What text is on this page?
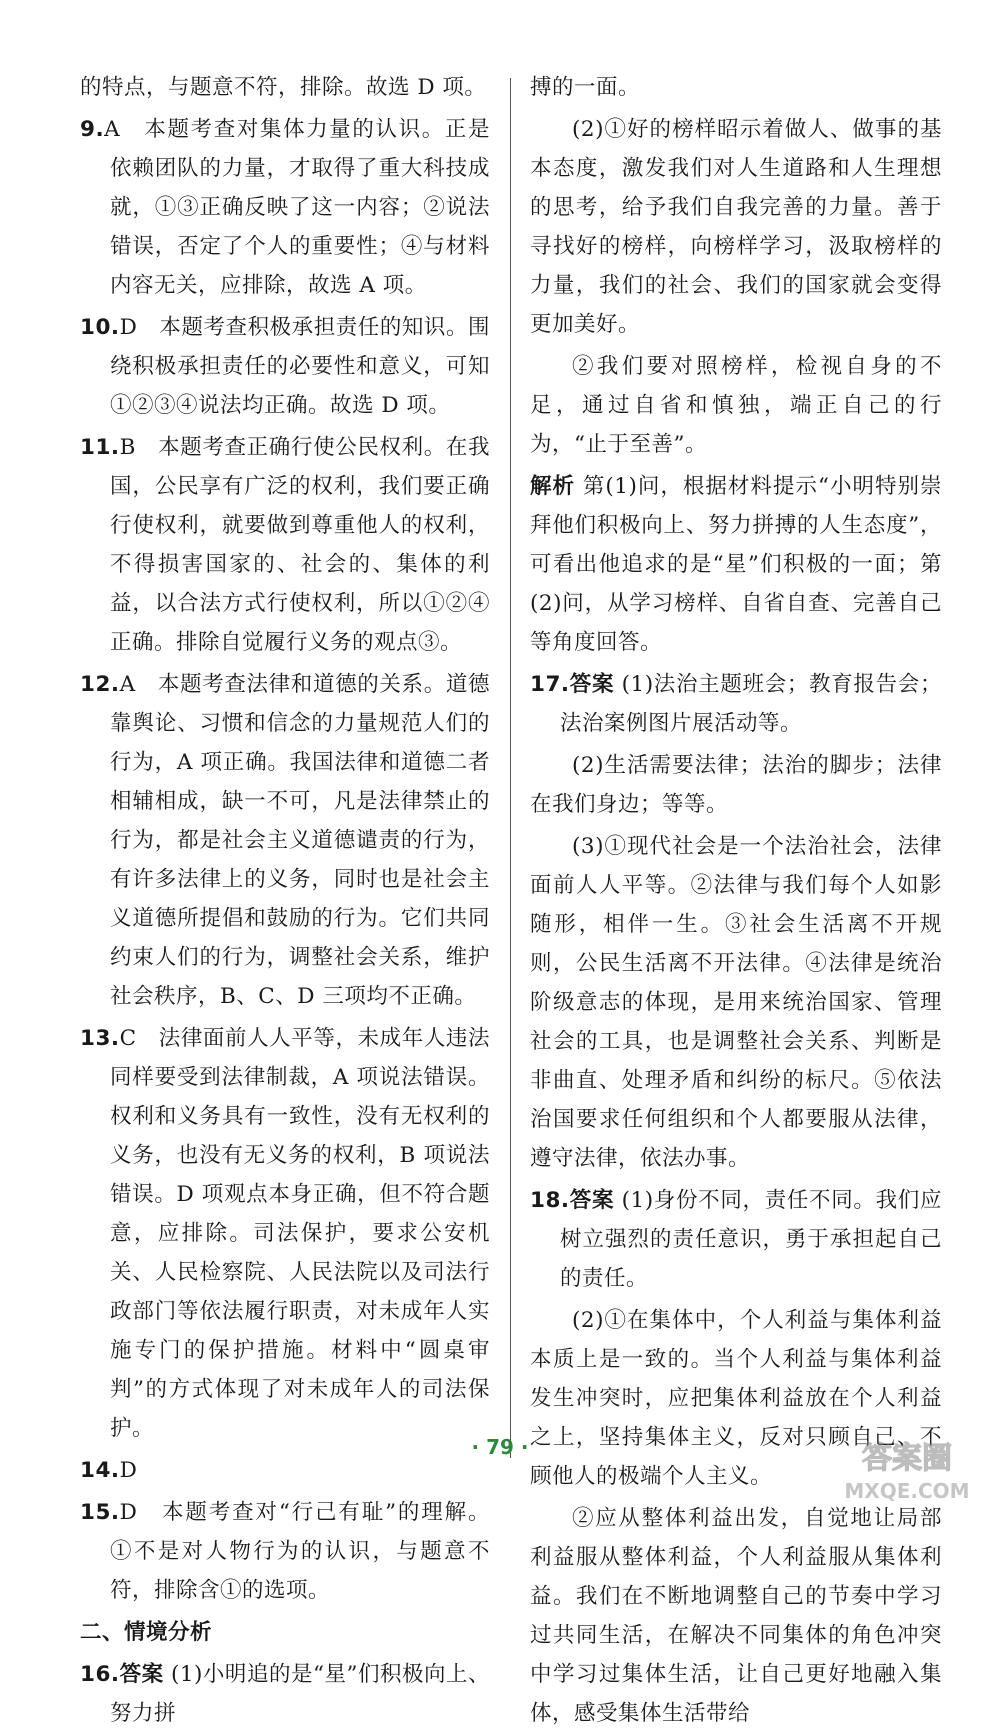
的特点，与题意不符，排除。故选 D 项。

9.A　本题考查对集体力量的认识。正是依赖团队的力量，才取得了重大科技成就，①③正确反映了这一内容；②说法错误，否定了个人的重要性；④与材料内容无关，应排除，故选 A 项。

10.D　本题考查积极承担责任的知识。围绕积极承担责任的必要性和意义，可知①②③④说法均正确。故选 D 项。

11.B　本题考查正确行使公民权利。在我国，公民享有广泛的权利，我们要正确行使权利，就要做到尊重他人的权利，不得损害国家的、社会的、集体的利益，以合法方式行使权利，所以①②④正确。排除自觉履行义务的观点③。

12.A　本题考查法律和道德的关系。道德靠舆论、习惯和信念的力量规范人们的行为，A 项正确。我国法律和道德二者相辅相成，缺一不可，凡是法律禁止的行为，都是社会主义道德谴责的行为，有许多法律上的义务，同时也是社会主义道德所提倡和鼓励的行为。它们共同约束人们的行为，调整社会关系，维护社会秩序，B、C、D 三项均不正确。

13.C　法律面前人人平等，未成年人违法同样要受到法律制裁，A 项说法错误。权利和义务具有一致性，没有无权利的义务，也没有无义务的权利，B 项说法错误。D 项观点本身正确，但不符合题意，应排除。司法保护，要求公安机关、人民检察院、人民法院以及司法行政部门等依法履行职责，对未成年人实施专门的保护措施。材料中“圆桌审判”的方式体现了对未成年人的司法保护。

14.D

15.D　本题考查对“行己有耻”的理解。①不是对人物行为的认识，与题意不符，排除含①的选项。

二、情境分析

16.答案 (1)小明追的是“星”们积极向上、努力拼

搏的一面。

(2)①好的榜样昭示着做人、做事的基本态度，激发我们对人生道路和人生理想的思考，给予我们自我完善的力量。善于寻找好的榜样，向榜样学习，汲取榜样的力量，我们的社会、我们的国家就会变得更加美好。

②我们要对照榜样，检视自身的不足，通过自省和慎独，端正自己的行为，“止于至善”。

解析 第(1)问，根据材料提示“小明特别崇拜他们积极向上、努力拼搏的人生态度”，可看出他追求的是“星”们积极的一面；第(2)问，从学习榜样、自省自查、完善自己等角度回答。

17.答案 (1)法治主题班会；教育报告会；法治案例图片展活动等。

(2)生活需要法律；法治的脚步；法律在我们身边；等等。

(3)①现代社会是一个法治社会，法律面前人人平等。②法律与我们每个人如影随形，相伴一生。③社会生活离不开规则，公民生活离不开法律。④法律是统治阶级意志的体现，是用来统治国家、管理社会的工具，也是调整社会关系、判断是非曲直、处理矛盾和纠纷的标尺。⑤依法治国要求任何组织和个人都要服从法律，遵守法律，依法办事。

18.答案 (1)身份不同，责任不同。我们应树立强烈的责任意识，勇于承担起自己的责任。

(2)①在集体中，个人利益与集体利益本质上是一致的。当个人利益与集体利益发生冲突时，应把集体利益放在个人利益之上，坚持集体主义，反对只顾自己、不顾他人的极端个人主义。

②应从整体利益出发，自觉地让局部利益服从整体利益，个人利益服从集体利益。我们在不断地调整自己的节奏中学习过共同生活，在解决不同集体的角色冲突中学习过集体生活，让自己更好地融入集体，感受集体生活带给

· 79 ·	答案圈
MXQE.COM
